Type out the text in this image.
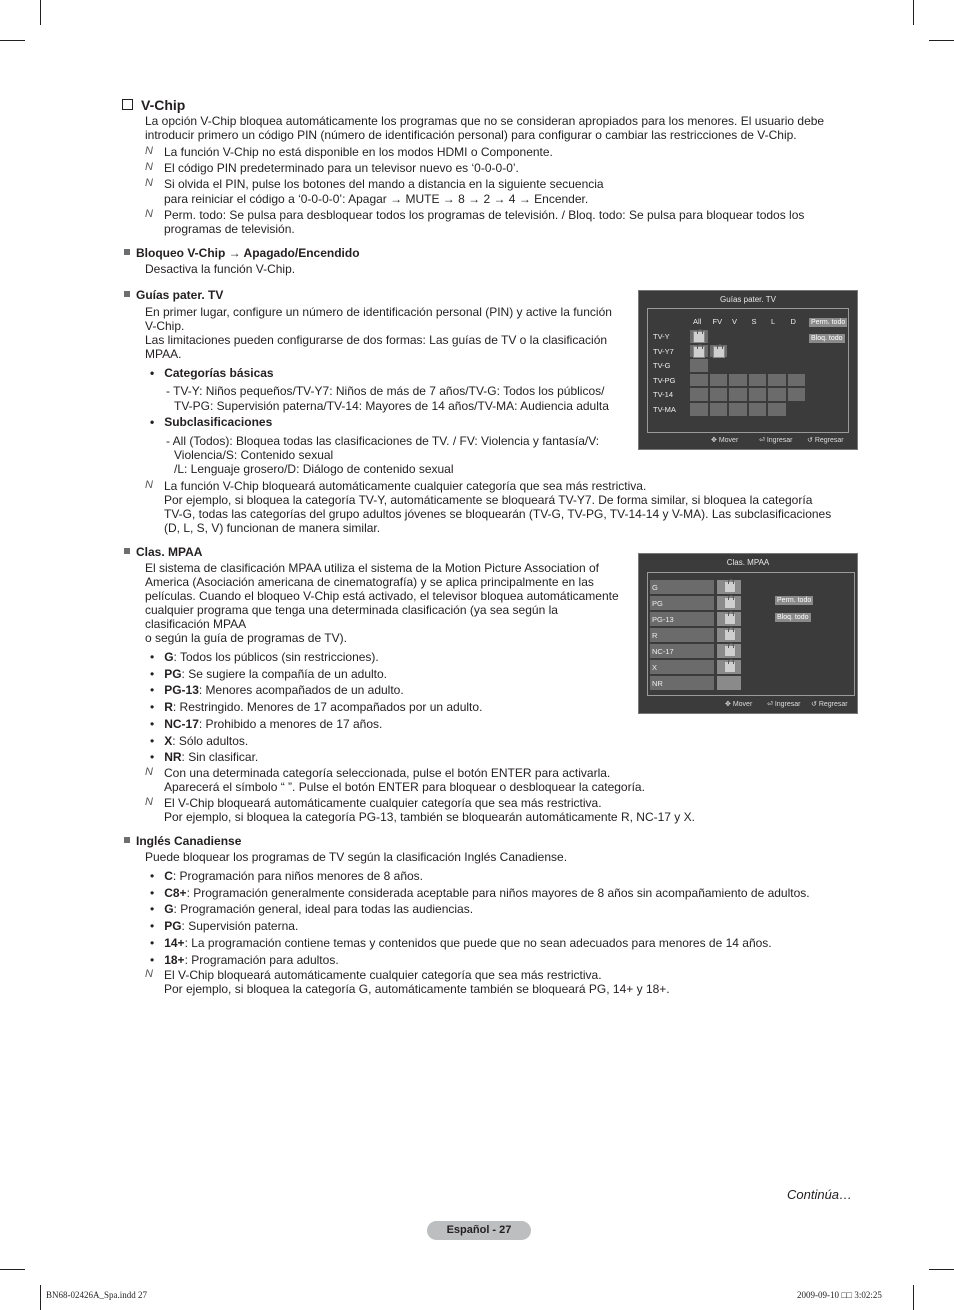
V-Chip
La opción V-Chip bloquea automáticamente los programas que no se consideran apropiados para los menores. El usuario debe
introducir primero un código PIN (número de identificación personal) para configurar o cambiar las restricciones de V-Chip.
N La función V-Chip no está disponible en los modos HDMI o Componente.
N El código PIN predeterminado para un televisor nuevo es ‘0-0-0-0’.
N Si olvida el PIN, pulse los botones del mando a distancia en la siguiente secuencia
para reiniciar el código a ‘0-0-0-0’: Apagar → MUTE → 8 → 2 → 4 → Encender.
N Perm. todo: Se pulsa para desbloquear todos los programas de televisión. / Bloq. todo: Se pulsa para bloquear todos los
programas de televisión.
Bloqueo V-Chip → Apagado/Encendido
Desactiva la función V-Chip.
Guías pater. TV
En primer lugar, configure un número de identificación personal (PIN) y active la función
V-Chip.
Las limitaciones pueden configurarse de dos formas: Las guías de TV o la clasificación
MPAA.
•   Categorías básicas
- TV-Y: Niños pequeños/TV-Y7: Niños de más de 7 años/TV-G: Todos los públicos/
TV-PG: Supervisión paterna/TV-14: Mayores de 14 años/TV-MA: Audiencia adulta
•   Subclasificaciones
- All (Todos): Bloquea todas las clasificaciones de TV. / FV: Violencia y fantasía/V:
Violencia/S: Contenido sexual
/L: Lenguaje grosero/D: Diálogo de contenido sexual
N La función V-Chip bloqueará automáticamente cualquier categoría que sea más restrictiva.
Por ejemplo, si bloquea la categoría TV-Y, automáticamente se bloqueará TV-Y7. De forma similar, si bloquea la categoría
TV-G, todas las categorías del grupo adultos jóvenes se bloquearán (TV-G, TV-PG, TV-14-14 y V-MA). Las subclasificaciones
(D, L, S, V) funcionan de manera similar.
Guías pater. TV
Perm. todo
Bloq. todo
✥ Mover	⏎ Ingresar ↺ Regresar
All FV V S L D
TV-Y
TV-Y7
TV-G
TV-PG
TV-14
TV-MA
Clas. MPAA
El sistema de clasificación MPAA utiliza el sistema de la Motion Picture Association of
America (Asociación americana de cinematografía) y se aplica principalmente en las
películas. Cuando el bloqueo V-Chip está activado, el televisor bloquea automáticamente
cualquier programa que tenga una determinada clasificación (ya sea según la
clasificación MPAA
o según la guía de programas de TV).
•   G: Todos los públicos (sin restricciones).
•   PG: Se sugiere la compañía de un adulto.
•   PG-13: Menores acompañados de un adulto.
•   R: Restringido. Menores de 17 acompañados por un adulto.
•   NC-17: Prohibido a menores de 17 años.
•   X: Sólo adultos.
•   NR: Sin clasificar.
N Con una determinada categoría seleccionada, pulse el botón ENTER para activarla.
Aparecerá el símbolo “ ”. Pulse el botón ENTER para bloquear o desbloquear la categoría.
N El V-Chip bloqueará automáticamente cualquier categoría que sea más restrictiva.
Por ejemplo, si bloquea la categoría PG-13, también se bloquearán automáticamente R, NC-17 y X.
Clas. MPAA
Perm. todo
Bloq. todo
✥ Mover ⏎ Ingresar ↺ Regresar
G
PG
PG-13
R
NC-17
X
NR
Inglés Canadiense
Puede bloquear los programas de TV según la clasificación Inglés Canadiense.
•   C: Programación para niños menores de 8 años.
•   C8+: Programación generalmente considerada aceptable para niños mayores de 8 años sin acompañamiento de adultos.
•   G: Programación general, ideal para todas las audiencias.
•   PG: Supervisión paterna.
•   14+: La programación contiene temas y contenidos que puede que no sean adecuados para menores de 14 años.
•   18+: Programación para adultos.
N El V-Chip bloqueará automáticamente cualquier categoría que sea más restrictiva.
Por ejemplo, si bloquea la categoría G, automáticamente también se bloqueará PG, 14+ y 18+.
Continúa…
Español - 27
BN68-02426A_Spa.indd 27	2009-09-10 □□ 3:02:25
